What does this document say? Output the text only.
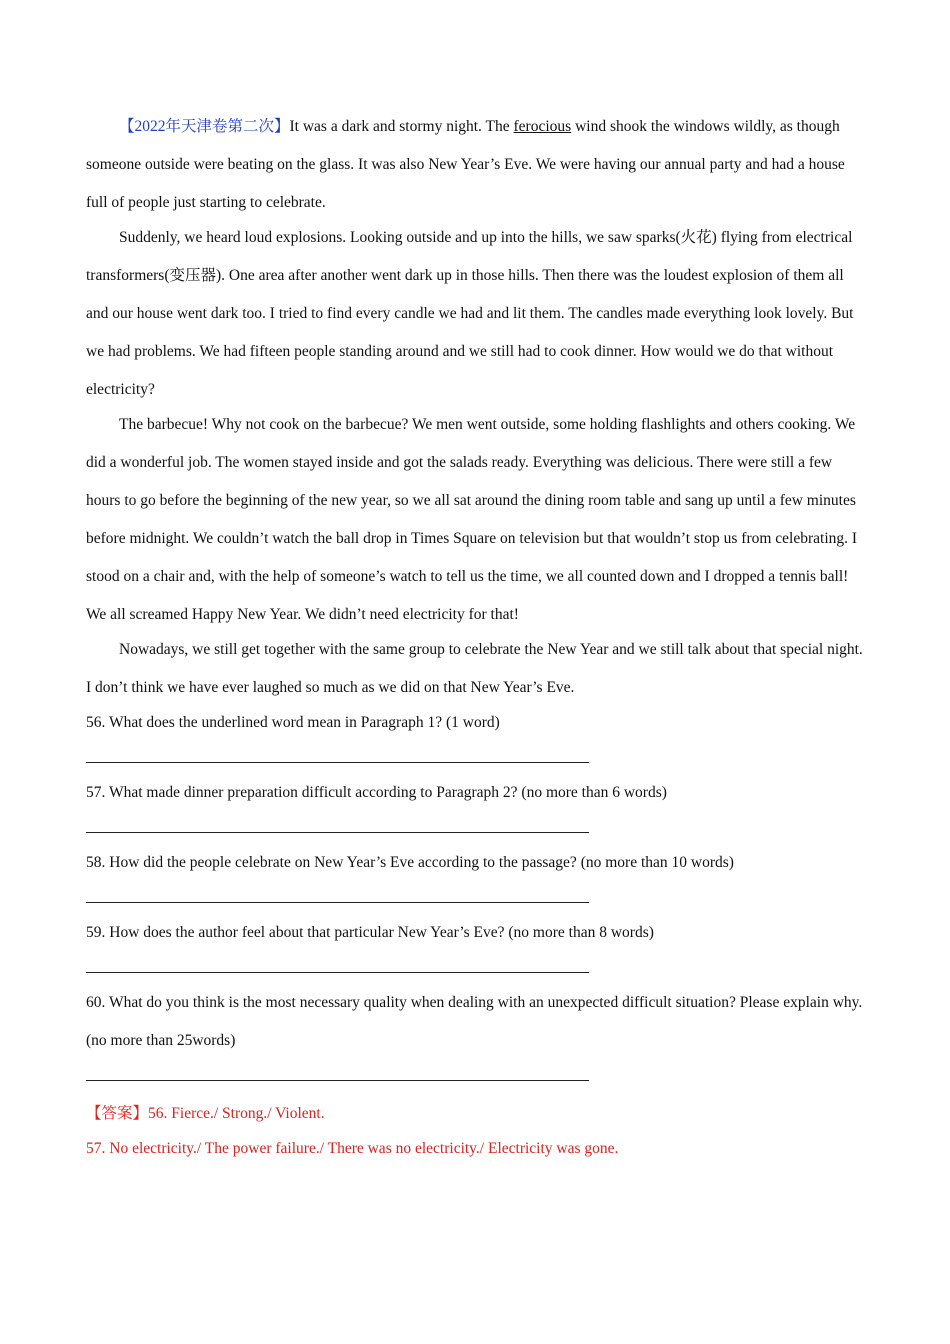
【2022年天津卷第二次】It was a dark and stormy night. The ferocious wind shook the windows wildly, as though someone outside were beating on the glass. It was also New Year’s Eve. We were having our annual party and had a house full of people just starting to celebrate.

Suddenly, we heard loud explosions. Looking outside and up into the hills, we saw sparks(火花) flying from electrical transformers(变压器). One area after another went dark up in those hills. Then there was the loudest explosion of them all and our house went dark too. I tried to find every candle we had and lit them. The candles made everything look lovely. But we had problems. We had fifteen people standing around and we still had to cook dinner. How would we do that without electricity?

The barbecue! Why not cook on the barbecue? We men went outside, some holding flashlights and others cooking. We did a wonderful job. The women stayed inside and got the salads ready. Everything was delicious. There were still a few hours to go before the beginning of the new year, so we all sat around the dining room table and sang up until a few minutes before midnight. We couldn’t watch the ball drop in Times Square on television but that wouldn’t stop us from celebrating. I stood on a chair and, with the help of someone’s watch to tell us the time, we all counted down and I dropped a tennis ball! We all screamed Happy New Year. We didn’t need electricity for that!

Nowadays, we still get together with the same group to celebrate the New Year and we still talk about that special night. I don’t think we have ever laughed so much as we did on that New Year’s Eve.

56. What does the underlined word mean in Paragraph 1? (1 word)

57. What made dinner preparation difficult according to Paragraph 2? (no more than 6 words)

58. How did the people celebrate on New Year’s Eve according to the passage? (no more than 10 words)

59. How does the author feel about that particular New Year’s Eve? (no more than 8 words)

60. What do you think is the most necessary quality when dealing with an unexpected difficult situation? Please explain why. (no more than 25words)

【答案】56. Fierce./ Strong./ Violent.

57. No electricity./ The power failure./ There was no electricity./ Electricity was gone.
